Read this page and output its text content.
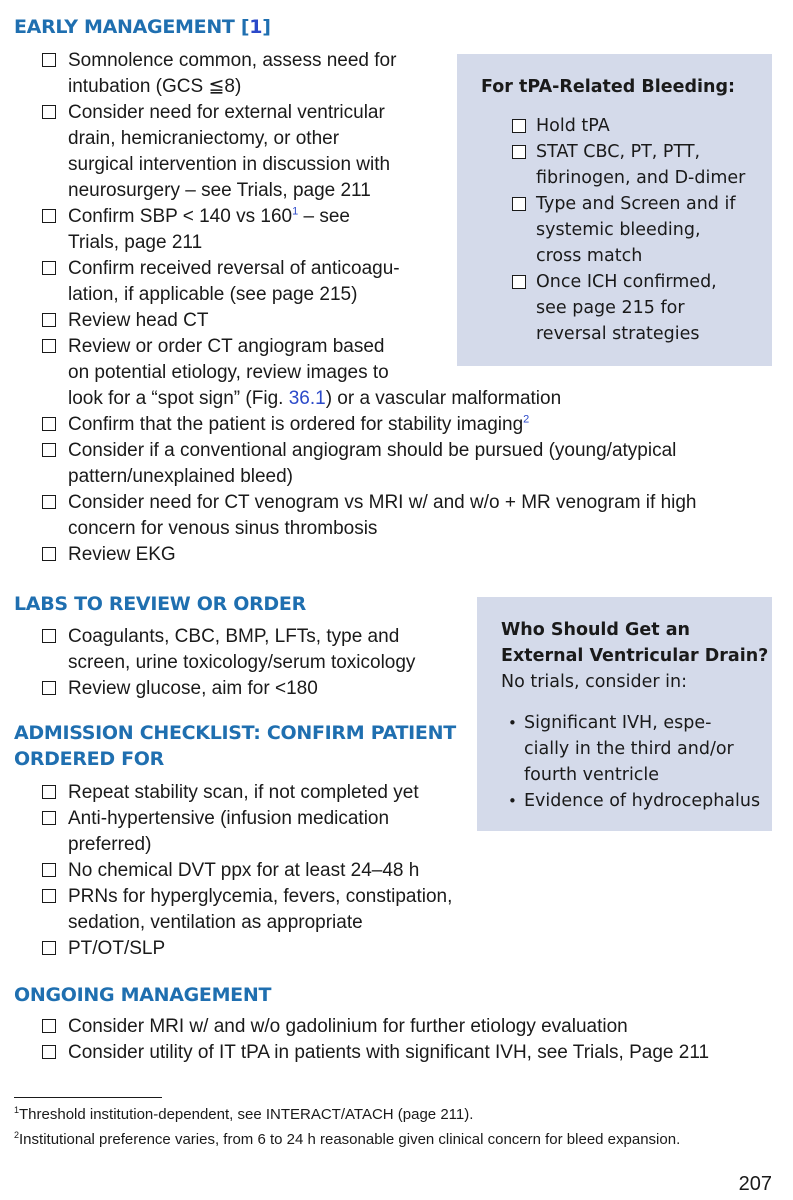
EARLY MANAGEMENT [1]
Somnolence common, assess need for
intubation (GCS ≦8)
Consider need for external ventricular
drain, hemicraniectomy, or other
surgical intervention in discussion with
neurosurgery – see Trials, page 211
Confirm SBP < 140 vs 160$^1$ – see
Trials, page 211
Confirm received reversal of anticoagu-
lation, if applicable (see page 215)
Review head CT
Review or order CT angiogram based
on potential etiology, review images to
look for a “spot sign” (Fig. 36.1) or a vascular malformation
Confirm that the patient is ordered for stability imaging$^2$
Consider if a conventional angiogram should be pursued (young/atypical
pattern/unexplained bleed)
Consider need for CT venogram vs MRI w/ and w/o + MR venogram if high
concern for venous sinus thrombosis
Review EKG
For tPA-Related Bleeding:
Hold tPA
STAT CBC, PT, PTT,
fibrinogen, and D-dimer
Type and Screen and if
systemic bleeding,
cross match
Once ICH confirmed,
see page 215 for
reversal strategies
LABS TO REVIEW OR ORDER
Coagulants, CBC, BMP, LFTs, type and
screen, urine toxicology/serum toxicology
Review glucose, aim for <180
Who Should Get an
External Ventricular Drain?
No trials, consider in:
• Significant IVH, espe-
cially in the third and/or
fourth ventricle
• Evidence of hydrocephalus
ADMISSION CHECKLIST: CONFIRM PATIENT
ORDERED FOR
Repeat stability scan, if not completed yet
Anti-hypertensive (infusion medication
preferred)
No chemical DVT ppx for at least 24–48 h
PRNs for hyperglycemia, fevers, constipation,
sedation, ventilation as appropriate
PT/OT/SLP
ONGOING MANAGEMENT
Consider MRI w/ and w/o gadolinium for further etiology evaluation
Consider utility of IT tPA in patients with significant IVH, see Trials, Page 211
$^1$Threshold institution-dependent, see INTERACT/ATACH (page 211).
$^2$Institutional preference varies, from 6 to 24 h reasonable given clinical concern for bleed expansion.
207
